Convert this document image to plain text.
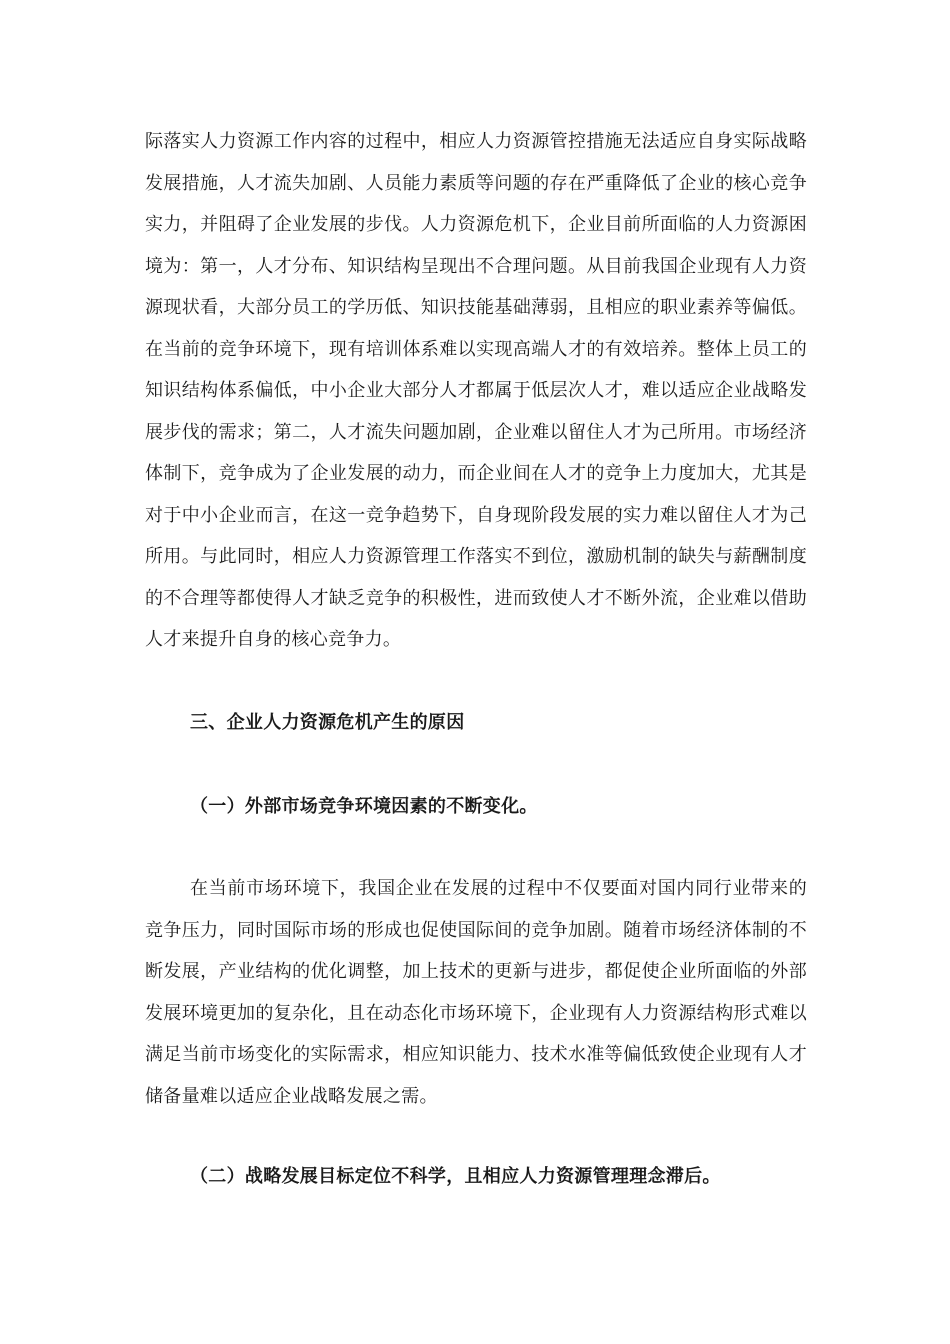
际落实人力资源工作内容的过程中，相应人力资源管控措施无法适应自身实际战略发展措施，人才流失加剧、人员能力素质等问题的存在严重降低了企业的核心竞争实力，并阻碍了企业发展的步伐。人力资源危机下，企业目前所面临的人力资源困境为：第一，人才分布、知识结构呈现出不合理问题。从目前我国企业现有人力资源现状看，大部分员工的学历低、知识技能基础薄弱，且相应的职业素养等偏低。在当前的竞争环境下，现有培训体系难以实现高端人才的有效培养。整体上员工的知识结构体系偏低，中小企业大部分人才都属于低层次人才，难以适应企业战略发展步伐的需求；第二，人才流失问题加剧，企业难以留住人才为己所用。市场经济体制下，竞争成为了企业发展的动力，而企业间在人才的竞争上力度加大，尤其是对于中小企业而言，在这一竞争趋势下，自身现阶段发展的实力难以留住人才为己所用。与此同时，相应人力资源管理工作落实不到位，激励机制的缺失与薪酬制度的不合理等都使得人才缺乏竞争的积极性，进而致使人才不断外流，企业难以借助人才来提升自身的核心竞争力。

三、企业人力资源危机产生的原因
（一）外部市场竞争环境因素的不断变化。

在当前市场环境下，我国企业在发展的过程中不仅要面对国内同行业带来的竞争压力，同时国际市场的形成也促使国际间的竞争加剧。随着市场经济体制的不断发展，产业结构的优化调整，加上技术的更新与进步，都促使企业所面临的外部发展环境更加的复杂化，且在动态化市场环境下，企业现有人力资源结构形式难以满足当前市场变化的实际需求，相应知识能力、技术水准等偏低致使企业现有人才储备量难以适应企业战略发展之需。

（二）战略发展目标定位不科学，且相应人力资源管理理念滞后。
